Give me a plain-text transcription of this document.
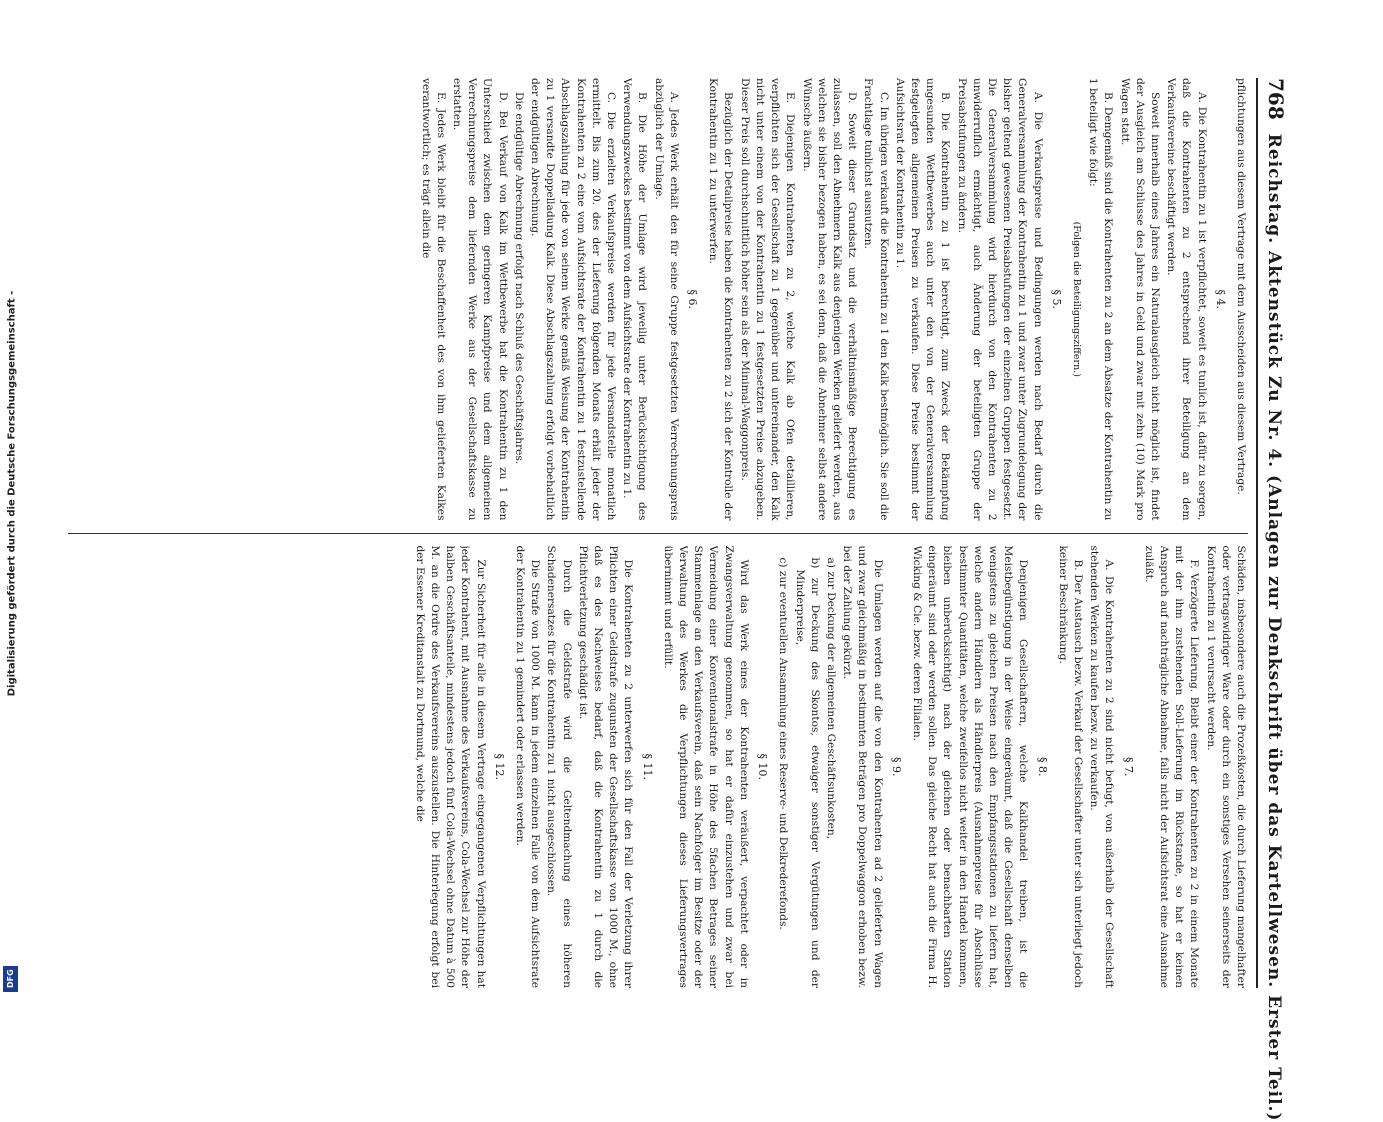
Digitalisierung gefördert durch die Deutsche Forschungsgemeinschaft -
DFG
768
Reichstag. Aktenstück Zu Nr. 4. (Anlagen zur Denkschrift über das Kartellwesen. Erster Teil.)

pflichtungen aus diesem Vertrage mit dem Ausscheiden aus diesem Vertrage.

§ 4.

A. Die Kontrahentin zu 1 ist verpflichtet, soweit es tunlich ist, dafür zu sorgen, daß die Kontrahenten zu 2 entsprechend ihrer Beteiligung an dem Verkaufsvereine beschäftigt werden.

Soweit innerhalb eines Jahres ein Naturalausgleich nicht möglich ist, findet der Ausgleich am Schlusse des Jahres in Geld und zwar mit zehn (10) Mark pro Wagen statt.

B. Demgemäß sind die Kontrahenten zu 2 an dem Absatze der Kontrahentin zu 1 beteiligt wie folgt:

(Folgen die Beteiligungsziffern.)
§ 5.

A. Die Verkaufspreise und Bedingungen werden nach Bedarf durch die Generalversammlung der Kontrahentin zu 1 und zwar unter Zugrundelegung der bisher geltend gewesenen Preisabstufungen der einzelnen Gruppen festgesetzt. Die Generalversammlung wird hierdurch von den Kontrahenten zu 2 unwiderruflich ermächtigt, auch Änderung der beteiligten Gruppe der Preisabstufungen zu ändern.

B. Die Kontrahentin zu 1 ist berechtigt, zum Zweck der Bekämpfung ungesunden Wettbewerbes auch unter den von der Generalversammlung festgelegten allgemeinen Preisen zu verkaufen. Diese Preise bestimmt der Aufsichtsrat der Kontrahentin zu 1.

C. Im übrigen verkauft die Kontrahentin zu 1 den Kalk bestmöglich. Sie soll die Frachtlage tunlichst ausnutzen.

D. Soweit dieser Grundsatz und die verhältnismäßige Berechtigung es zulassen, soll den Abnehmern Kalk aus denjenigen Werken geliefert werden, aus welchen sie bisher bezogen haben, es sei denn, daß die Abnehmer selbst andere Wünsche äußern.

E. Diejenigen Kontrahenten zu 2, welche Kalk ab Ofen detaillieren, verpflichten sich der Gesellschaft zu 1 gegenüber und untereinander, den Kalk nicht unter einem von der Kontrahentin zu 1 festgesetzten Preise abzugeben. Dieser Preis soll durchschnittlich höher sein als der Minimal-Waggonpreis.

Bezüglich der Detailpreise haben die Kontrahenten zu 2 sich der Kontrolle der Kontrahentin zu 1 zu unterwerfen.

§ 6.

A. Jedes Werk erhält den für seine Gruppe festgesetzten Verrechnungspreis abzüglich der Umlage.

B. Die Höhe der Umlage wird jeweilig unter Berücksichtigung des Verwendungszweckes bestimmt von dem Aufsichtsrate der Kontrahentin zu 1.

C. Die erzielten Verkaufspreise werden für jede Versandstelle monatlich ermittelt. Bis zum 20. des der Lieferung folgenden Monats erhält jeder der Kontrahenten zu 2 eine vom Aufsichtsrate der Kontrahentin zu 1 festzustellende Abschlagszahlung für jede von seinem Werke gemäß Weisung der Kontrahentin zu 1 versandte Doppelladung Kalk. Diese Abschlagszahlung erfolgt vorbehaltlich der endgültigen Abrechnung.

Die endgültige Abrechnung erfolgt nach Schluß des Geschäftsjahres.

D. Bei Verkauf von Kalk im Wettbewerbe hat die Kontrahentin zu 1 den Unterschied zwischen dem geringeren Kampfpreise und dem allgemeinen Verrechnungspreise dem liefernden Werke aus der Gesellschaftskasse zu erstatten.

E. Jedes Werk bleibt für die Beschaffenheit des von ihm gelieferten Kalkes verantwortlich; es trägt allein die

Schäden, insbesondere auch die Prozeßkosten, die durch Lieferung mangelhafter oder vertragswidriger Ware oder durch ein sonstiges Versehen seinerseits der Kontrahentin zu 1 verursacht werden.

F. Verzögerte Lieferung. Bleibt einer der Kontrahenten zu 2 in einem Monate mit der ihm zustehenden Soll-Lieferung im Rückstande, so hat er keinen Anspruch auf nachträgliche Abnahme, falls nicht der Aufsichtsrat eine Ausnahme zuläßt.

§ 7.

A. Die Kontrahenten zu 2 sind nicht befugt, von außerhalb der Gesellschaft stehenden Werken zu kaufen bezw. zu verkaufen.

B. Der Austausch bezw. Verkauf der Gesellschafter unter sich unterliegt jedoch keiner Beschränkung.

§ 8.

Denjenigen Gesellschaftern, welche Kalkhandel treiben, ist die Meistbegünstigung in der Weise eingeräumt, daß die Gesellschaft denselben wenigstens zu gleichen Preisen nach den Empfangsstationen zu liefern hat, welche andern Händlern als Händlerpreis (Ausnahmepreise für Abschlüsse bestimmter Quantitäten, welche zweifellos nicht weiter in den Handel kommen, bleiben unberücksichtigt) nach der gleichen oder benachbarten Station eingeräumt sind oder werden sollen. Das gleiche Recht hat auch die Firma H. Wicking & Cie. bezw. deren Filialen.

§ 9.

Die Umlagen werden auf die von den Kontrahenten ad 2 gelieferten Wagen und zwar gleichmäßig in bestimmten Beträgen pro Doppelwaggon erhoben bezw. bei der Zahlung gekürzt.

a) zur Deckung der allgemeinen Geschäftsunkosten,

b) zur Deckung des Skontos, etwaiger sonstiger Vergütungen und der Minderpreise,

c) zur eventuellen Ansammlung eines Reserve- und Delkrederefonds.

§ 10.

Wird das Werk eines der Kontrahenten veräußert, verpachtet oder in Zwangsverwaltung genommen, so hat er dafür einzustehen und zwar bei Vermeidung einer Konventionalstrafe in Höhe des 5fachen Betrages seiner Stammeinlage an den Verkaufsverein, daß sein Nachfolger im Besitze oder der Verwaltung des Werkes die Verpflichtungen dieses Lieferungsvertrages übernimmt und erfüllt.

§ 11.

Die Kontrahenten zu 2 unterwerfen sich für den Fall der Verletzung ihrer Pflichten einer Geldstrafe zugunsten der Gesellschaftskasse von 1000 M., ohne daß es des Nachweises bedarf, daß die Kontrahentin zu 1 durch die Pflichtverletzung geschädigt ist.

Durch die Geldstrafe wird die Geltendmachung eines höheren Schadenersatzes für die Kontrahentin zu 1 nicht ausgeschlossen.

Die Strafe von 1000 M. kann in jedem einzelnen Falle von dem Aufsichtsrate der Kontrahentin zu 1 gemindert oder erlassen werden.

§ 12.

Zur Sicherheit für alle in diesem Vertrage eingegangenen Verpflichtungen hat jeder Kontrahent, mit Ausnahme des Verkaufsvereins, Cola-Wechsel zur Höhe der halben Geschäftsanteile, mindestens jedoch fünf Cola-Wechsel ohne Datum à 500 M. an die Ordre des Verkaufsvereins auszustellen. Die Hinterlegung erfolgt bei der Essener Kreditanstalt zu Dortmund, welche die
